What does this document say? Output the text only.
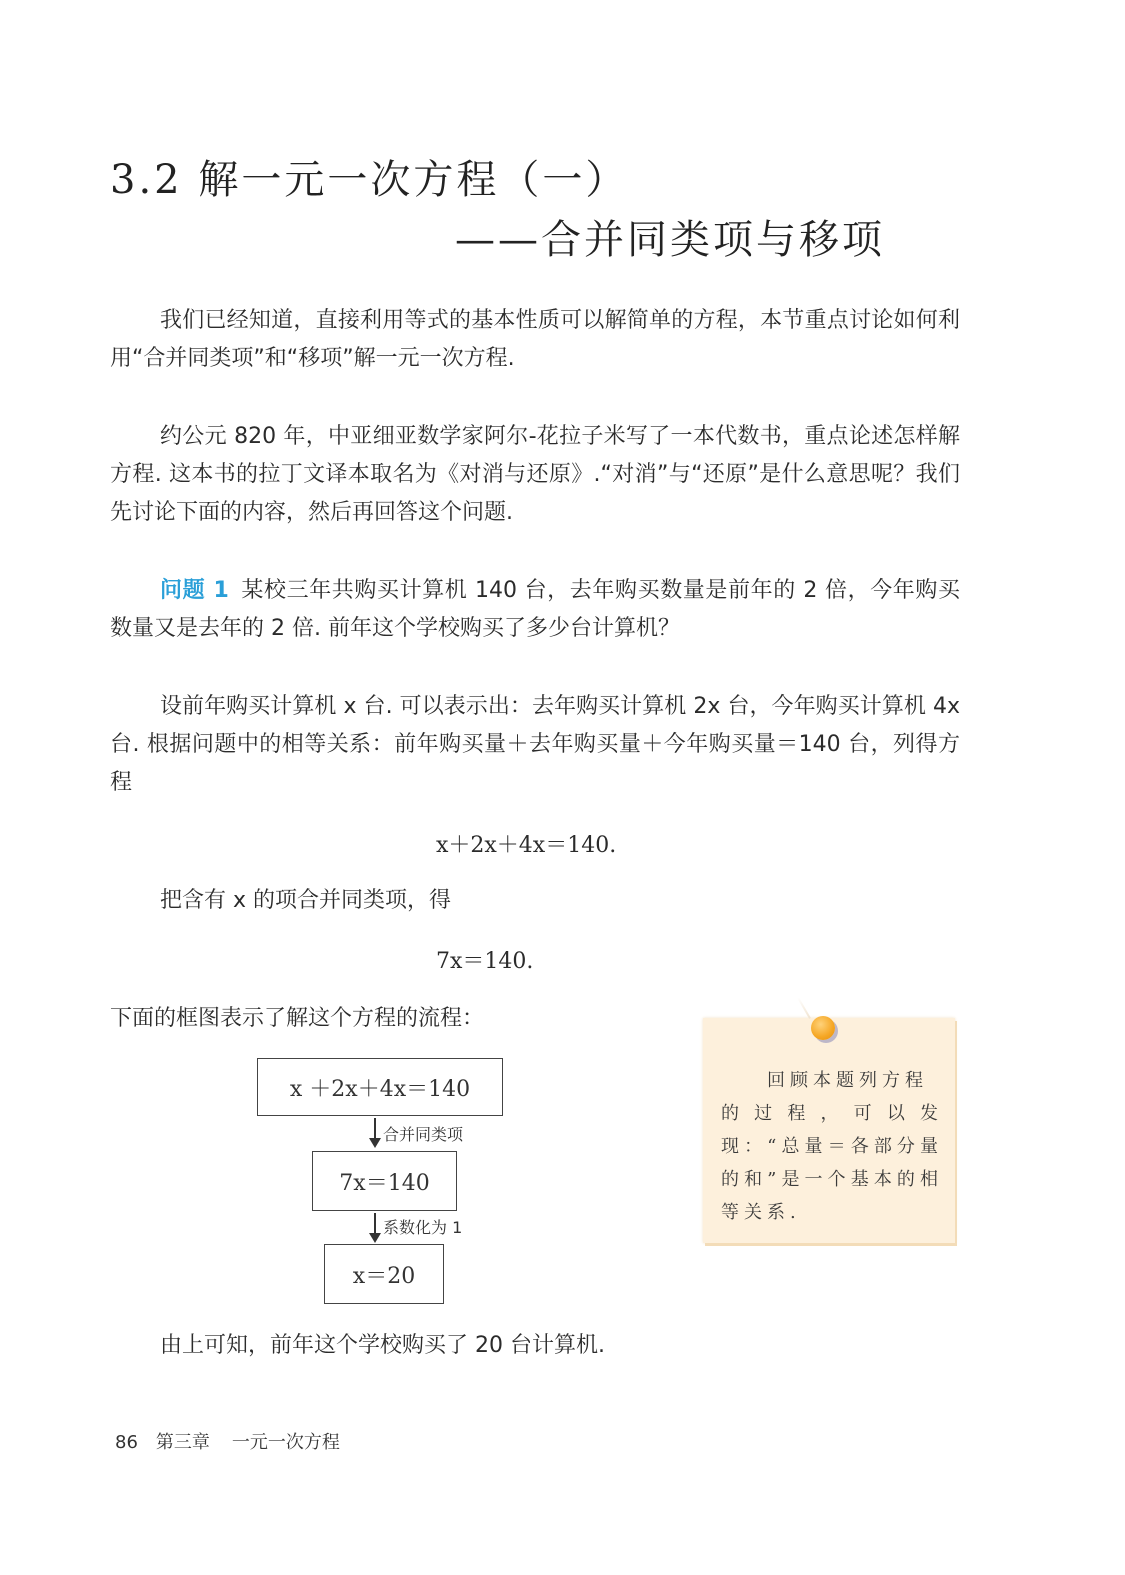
3.2 解一元一次方程（一）
——合并同类项与移项
我们已经知道，直接利用等式的基本性质可以解简单的方程，本节重点讨论如何利用“合并同类项”和“移项”解一元一次方程.
约公元 820 年，中亚细亚数学家阿尔-花拉子米写了一本代数书，重点论述怎样解方程. 这本书的拉丁文译本取名为《对消与还原》.“对消”与“还原”是什么意思呢？我们先讨论下面的内容，然后再回答这个问题.
问题 1 某校三年共购买计算机 140 台，去年购买数量是前年的 2 倍，今年购买数量又是去年的 2 倍. 前年这个学校购买了多少台计算机？
设前年购买计算机 x 台. 可以表示出：去年购买计算机 2x 台，今年购买计算机 4x 台. 根据问题中的相等关系：前年购买量＋去年购买量＋今年购买量＝140 台，列得方程
x＋2x＋4x＝140.
把含有 x 的项合并同类项，得
7x＝140.
下面的框图表示了解这个方程的流程：
x ＋2x＋4x＝140
合并同类项
7x＝140
系数化为 1
x＝20
回顾本题列方程
的过程，可以发现：“总量＝各部分量的和”是一个基本的相等关系.
由上可知，前年这个学校购买了 20 台计算机.
86 第三章 一元一次方程
